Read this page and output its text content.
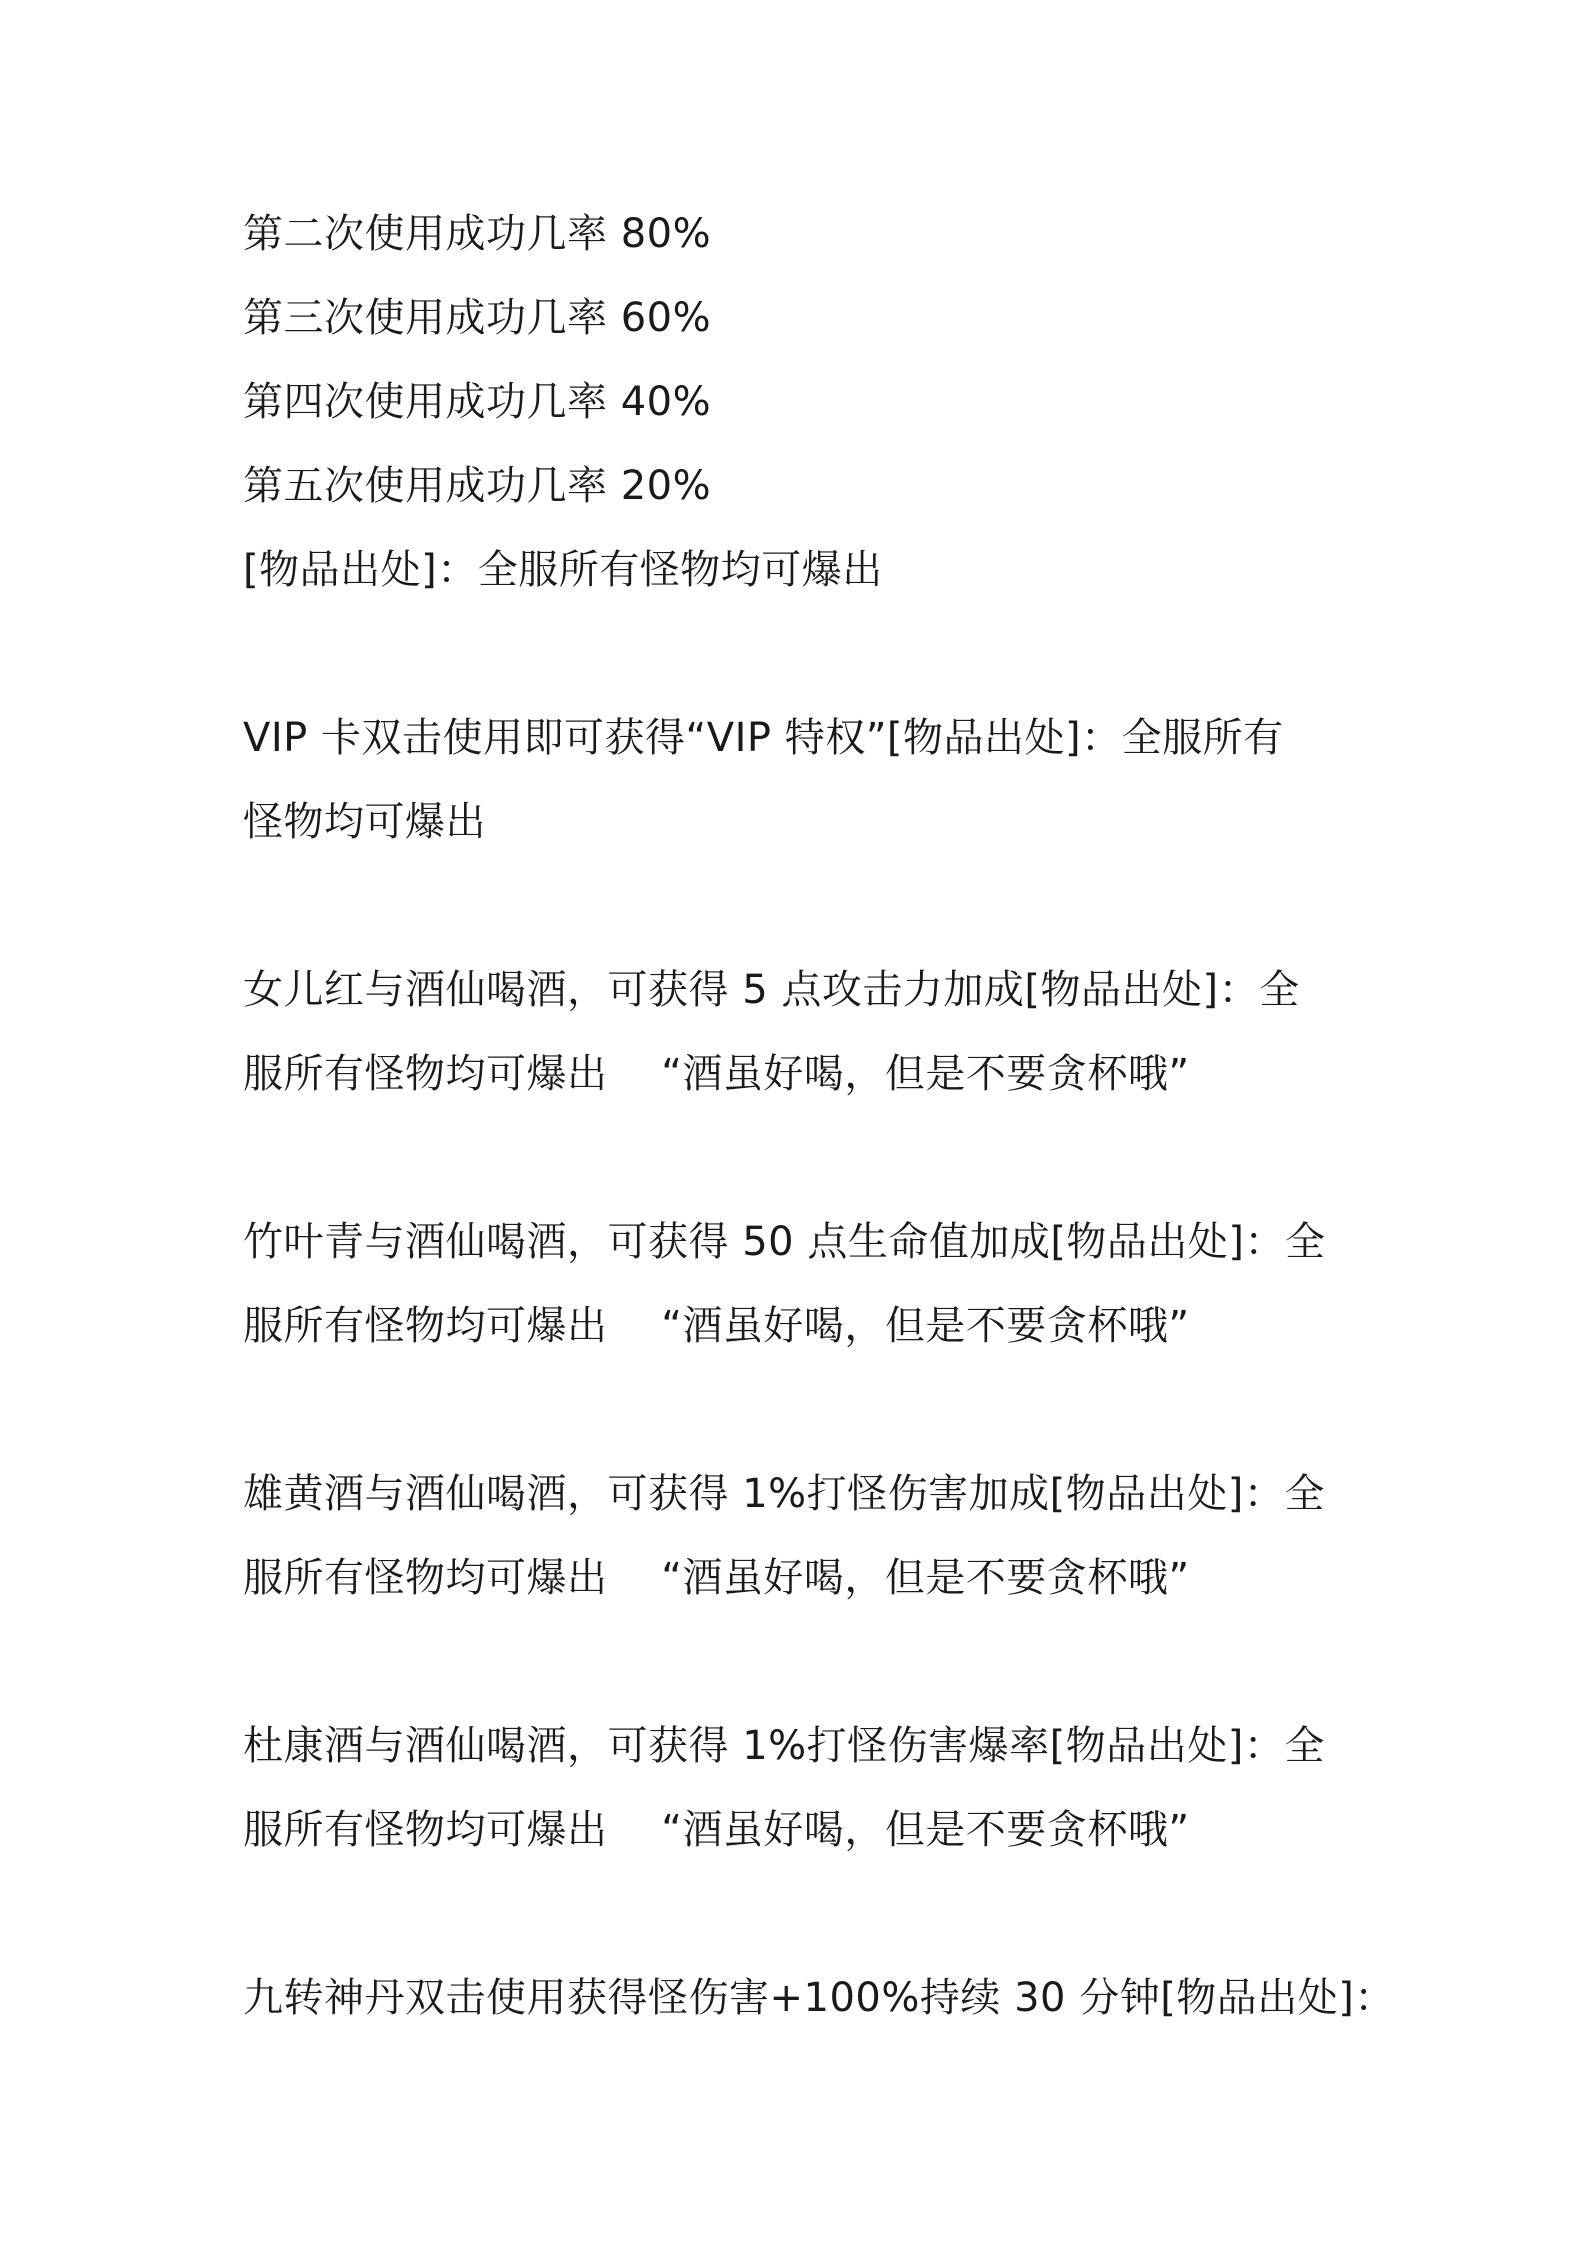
第二次使用成功几率 80%
第三次使用成功几率 60%
第四次使用成功几率 40%
第五次使用成功几率 20%
[物品出处]：全服所有怪物均可爆出
VIP 卡双击使用即可获得“VIP 特权”[物品出处]：全服所有
怪物均可爆出
女儿红与酒仙喝酒，可获得 5 点攻击力加成[物品出处]：全
服所有怪物均可爆出　 “酒虽好喝，但是不要贪杯哦”
竹叶青与酒仙喝酒，可获得 50 点生命值加成[物品出处]：全
服所有怪物均可爆出　 “酒虽好喝，但是不要贪杯哦”
雄黄酒与酒仙喝酒，可获得 1%打怪伤害加成[物品出处]：全
服所有怪物均可爆出　 “酒虽好喝，但是不要贪杯哦”
杜康酒与酒仙喝酒，可获得 1%打怪伤害爆率[物品出处]：全
服所有怪物均可爆出　 “酒虽好喝，但是不要贪杯哦”
九转神丹双击使用获得怪伤害+100%持续 30 分钟[物品出处]：
